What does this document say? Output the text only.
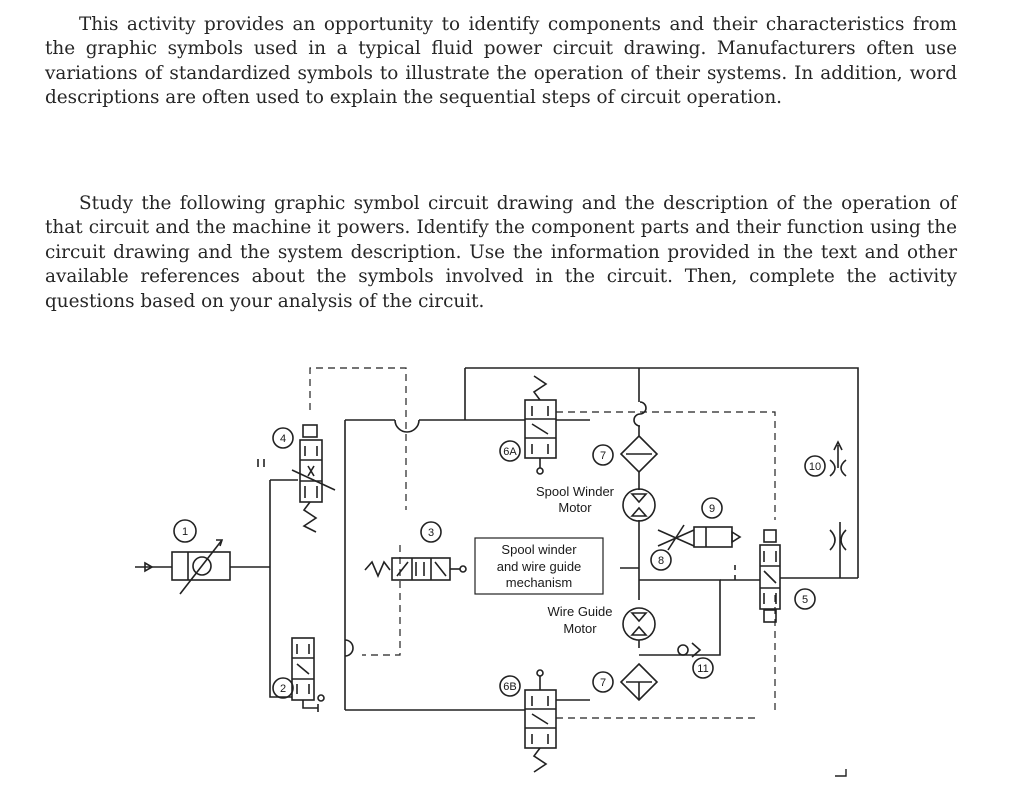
This activity provides an opportunity to identify components and their characteristics from the graphic symbols used in a typical fluid power circuit drawing. Manufacturers often use variations of standardized symbols to illustrate the operation of their systems. In addition, word descriptions are often used to explain the sequential steps of circuit operation.

Study the following graphic symbol circuit drawing and the description of the operation of that circuit and the machine it powers. Identify the component parts and their function using the circuit drawing and the system description. Use the information provided in the text and other available references about the symbols involved in the circuit. Then, complete the activity questions based on your analysis of the circuit.

1
2
3
4
5
6A
6B
7
7
8
9
10
11
Spool Winder
Motor
Spool winder
and wire guide
mechanism
Wire Guide
Motor
